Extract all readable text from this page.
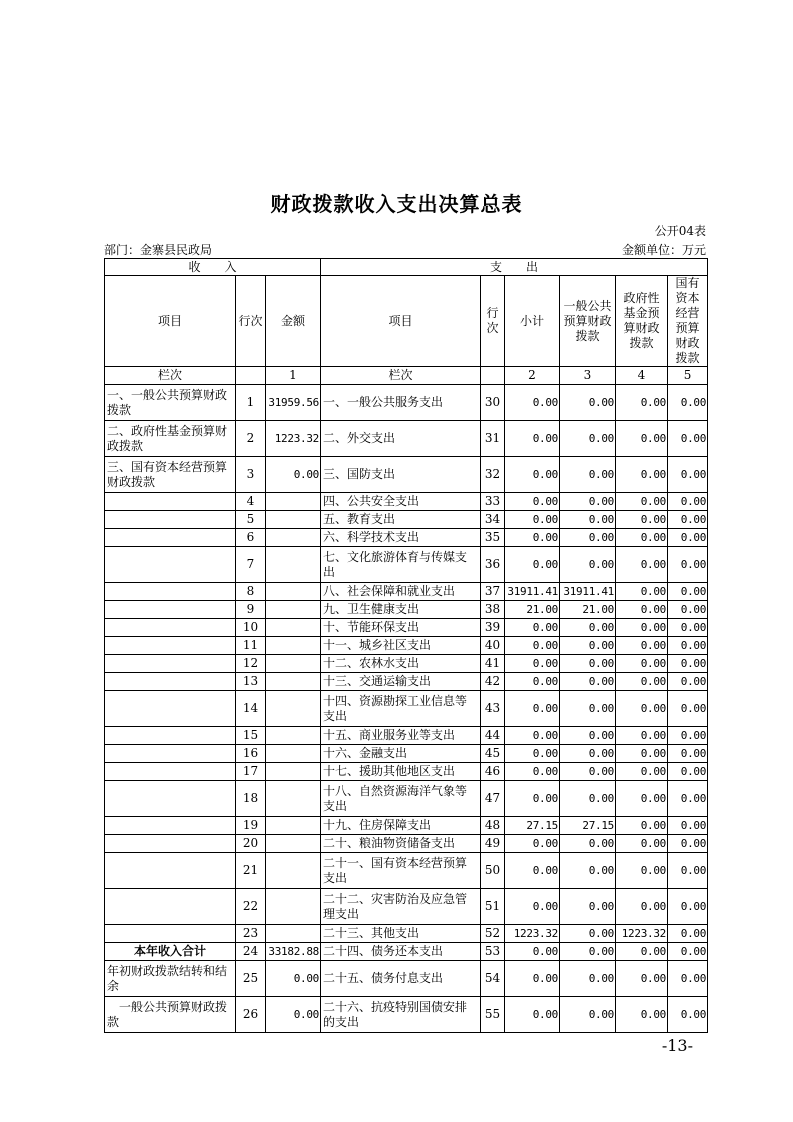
财政拨款收入支出决算总表
公开04表
部门：金寨县民政局	金额单位：万元
收　　入			支　　出					
项目	行次	金额	项目	行次	小计	一般公共预算财政拨款	政府性基金预算财政拨款	国有资本经营预算财政拨款
栏次		1	栏次		2	3	4	5
一、一般公共预算财政拨款	1	31959.56	一、一般公共服务支出	30	0.00	0.00	0.00	0.00
二、政府性基金预算财政拨款	2	1223.32	二、外交支出	31	0.00	0.00	0.00	0.00
三、国有资本经营预算财政拨款	3	0.00	三、国防支出	32	0.00	0.00	0.00	0.00
	4		四、公共安全支出	33	0.00	0.00	0.00	0.00
	5		五、教育支出	34	0.00	0.00	0.00	0.00
	6		六、科学技术支出	35	0.00	0.00	0.00	0.00
	7		七、文化旅游体育与传媒支出	36	0.00	0.00	0.00	0.00
	8		八、社会保障和就业支出	37	31911.41	31911.41	0.00	0.00
	9		九、卫生健康支出	38	21.00	21.00	0.00	0.00
	10		十、节能环保支出	39	0.00	0.00	0.00	0.00
	11		十一、城乡社区支出	40	0.00	0.00	0.00	0.00
	12		十二、农林水支出	41	0.00	0.00	0.00	0.00
	13		十三、交通运输支出	42	0.00	0.00	0.00	0.00
	14		十四、资源勘探工业信息等支出	43	0.00	0.00	0.00	0.00
	15		十五、商业服务业等支出	44	0.00	0.00	0.00	0.00
	16		十六、金融支出	45	0.00	0.00	0.00	0.00
	17		十七、援助其他地区支出	46	0.00	0.00	0.00	0.00
	18		十八、自然资源海洋气象等支出	47	0.00	0.00	0.00	0.00
	19		十九、住房保障支出	48	27.15	27.15	0.00	0.00
	20		二十、粮油物资储备支出	49	0.00	0.00	0.00	0.00
	21		二十一、国有资本经营预算支出	50	0.00	0.00	0.00	0.00
	22		二十二、灾害防治及应急管理支出	51	0.00	0.00	0.00	0.00
	23		二十三、其他支出	52	1223.32	0.00	1223.32	0.00
本年收入合计	24	33182.88	二十四、债务还本支出	53	0.00	0.00	0.00	0.00
年初财政拨款结转和结余	25	0.00	二十五、债务付息支出	54	0.00	0.00	0.00	0.00
　一般公共预算财政拨款	26	0.00	二十六、抗疫特别国债安排的支出	55	0.00	0.00	0.00	0.00
-13-
